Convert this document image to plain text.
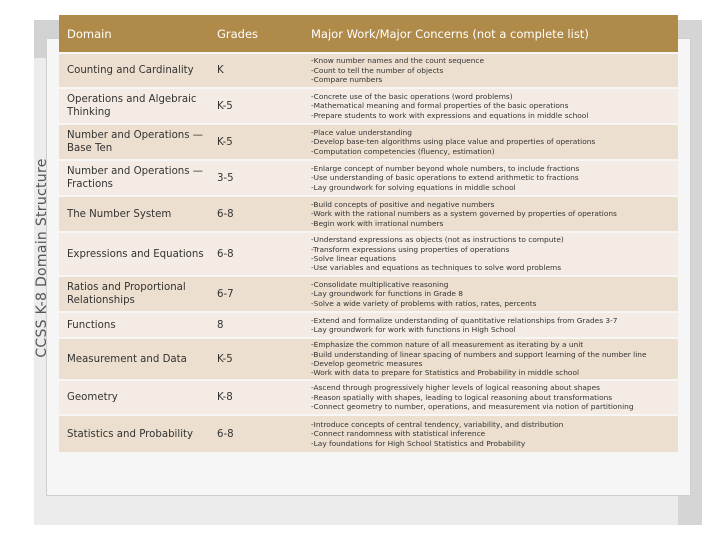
CCSS K-8 Domain Structure
Domain	Grades	Major Work/Major Concerns (not a complete list)
Counting and Cardinality	K	-Know number names and the count sequence
-Count to tell the number of objects
-Compare numbers

Operations and Algebraic Thinking	K-5	-Concrete use of the basic operations (word problems)
-Mathematical meaning and formal properties of the basic operations
-Prepare students to work with expressions and equations in middle school

Number and Operations —Base Ten	K-5	-Place value understanding
-Develop base-ten algorithms using place value and properties of operations
-Computation competencies (fluency, estimation)

Number and Operations —Fractions	3-5	-Enlarge concept of number beyond whole numbers, to include fractions
-Use understanding of basic operations to extend arithmetic to fractions
-Lay groundwork for solving equations in middle school

The Number System	6-8	-Build concepts of positive and negative numbers
-Work with the rational numbers as a system governed by properties of operations
-Begin work with irrational numbers

Expressions and Equations	6-8	-Understand expressions as objects (not as instructions to compute)
-Transform expressions using properties of operations
-Solve linear equations
-Use variables and equations as techniques to solve word problems

Ratios and Proportional Relationships	6-7	-Consolidate multiplicative reasoning
-Lay groundwork for functions in Grade 8
-Solve a wide variety of problems with ratios, rates, percents

Functions	8	-Extend and formalize understanding of quantitative relationships from Grades 3-7
-Lay groundwork for work with functions in High School

Measurement and Data	K-5	-Emphasize the common nature of all measurement as iterating by a unit
-Build understanding of linear spacing of numbers and support learning of the number line
-Develop geometric measures
-Work with data to prepare for Statistics and Probability in middle school

Geometry	K-8	-Ascend through progressively higher levels of logical reasoning about shapes
-Reason spatially with shapes, leading to logical reasoning about transformations
-Connect geometry to number, operations, and measurement via notion of partitioning

Statistics and Probability	6-8	-Introduce concepts of central tendency, variability, and distribution
-Connect randomness with statistical inference
-Lay foundations for High School Statistics and Probability
